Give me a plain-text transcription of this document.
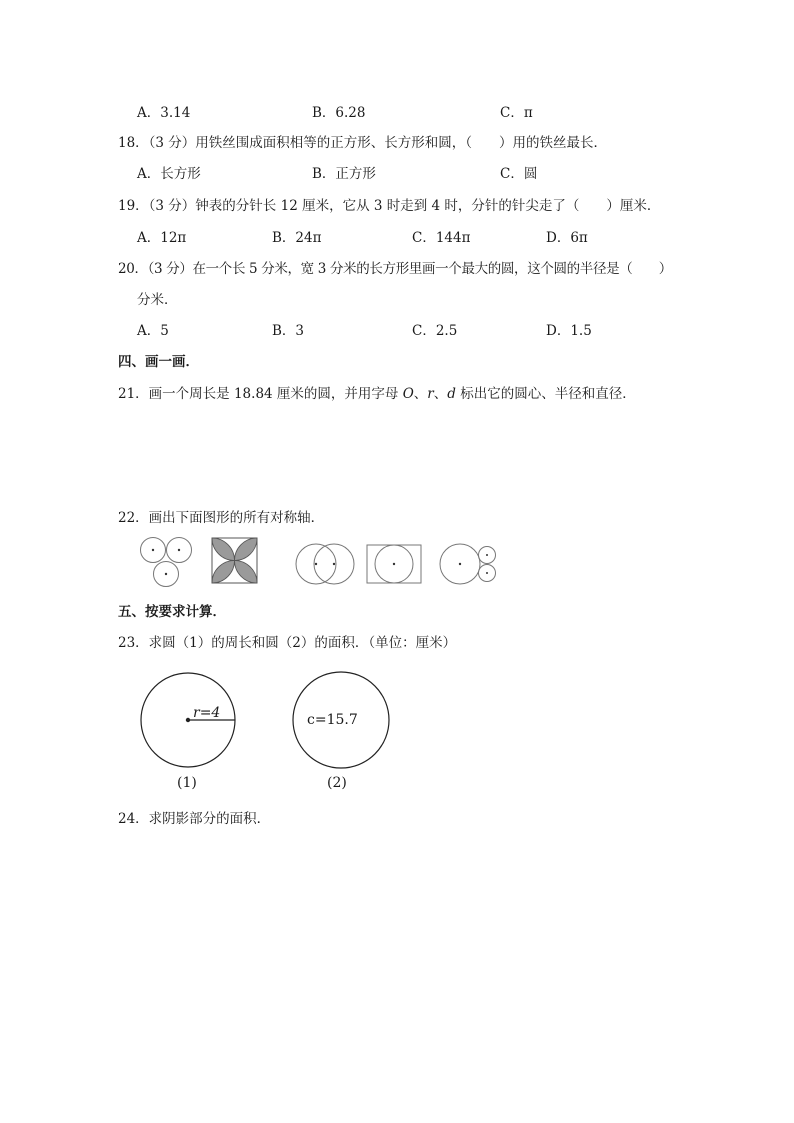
A．3.14	B．6.28	C．π
18．（3 分）用铁丝围成面积相等的正方形、长方形和圆，（　　）用的铁丝最长．
A．长方形	B．正方形	C．圆
19．（3 分）钟表的分针长 12 厘米，它从 3 时走到 4 时，分针的针尖走了（　　）厘米．
A．12π	B．24π	C．144π	D．6π
20．（3 分）在一个长 5 分米，宽 3 分米的长方形里画一个最大的圆，这个圆的半径是（　　）
分米．
A．5	B．3	C．2.5	D．1.5
四、画一画．
21．画一个周长是 18.84 厘米的圆，并用字母 O、r、d 标出它的圆心、半径和直径．
22．画出下面图形的所有对称轴．
五、按要求计算．
23．求圆（1）的周长和圆（2）的面积．（单位：厘米）
r=4
(1)
c=15.7
(2)
24．求阴影部分的面积．
